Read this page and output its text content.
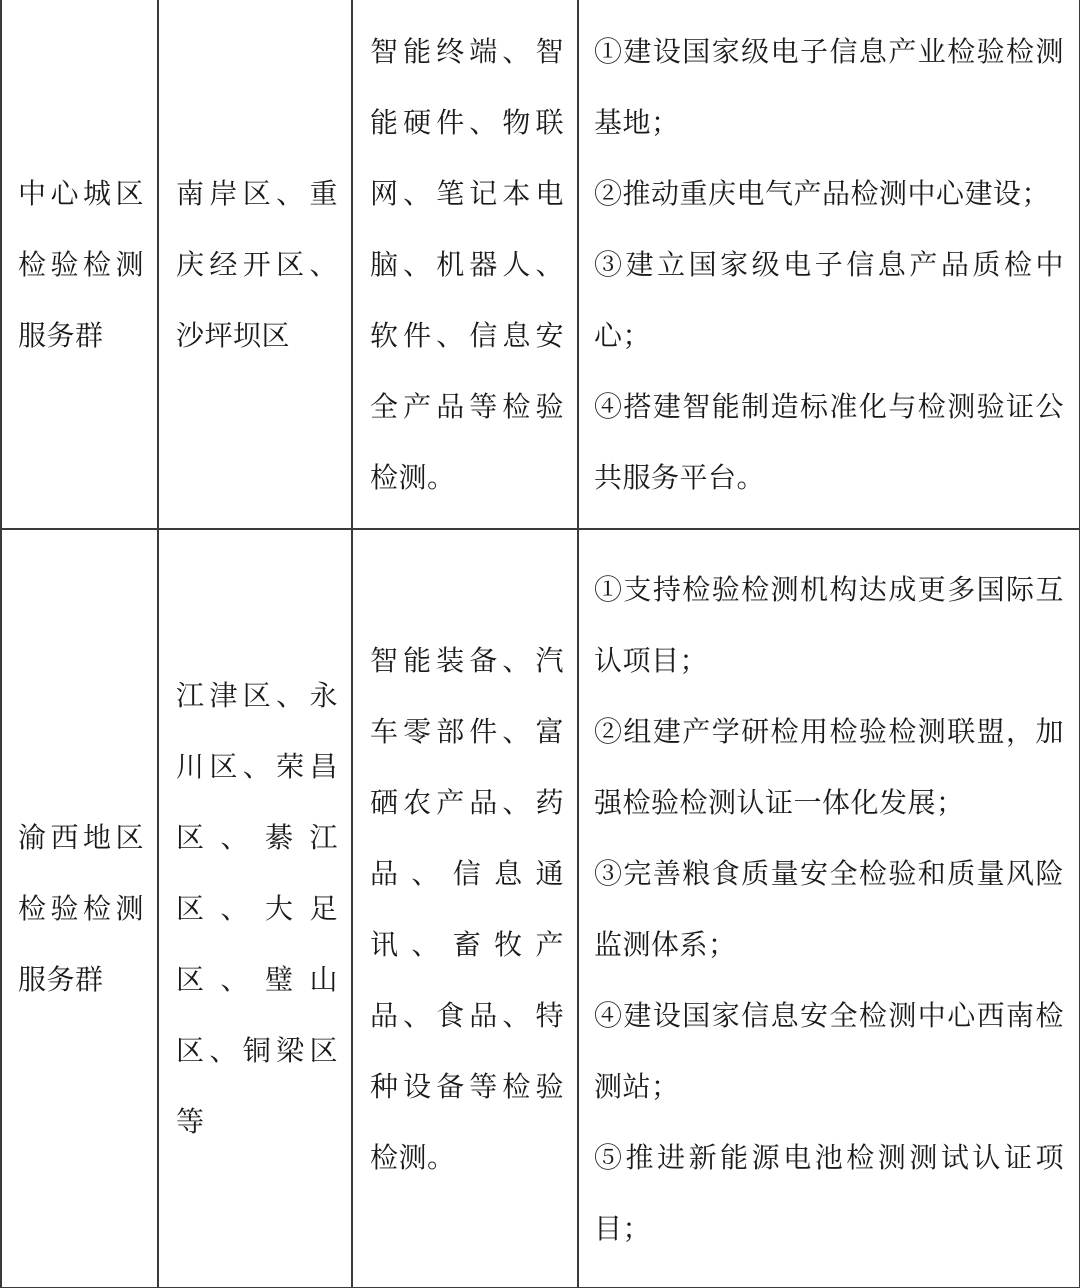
中心城区检验检测服务群
南岸区、重庆经开区、沙坪坝区
智能终端、智能硬件、物联网、笔记本电脑、机器人、软件、信息安全产品等检验检测。

①建设国家级电子信息产业检验检测基地；

②推动重庆电气产品检测中心建设；

③建立国家级电子信息产品质检中心；

④搭建智能制造标准化与检测验证公共服务平台。

渝西地区检验检测服务群
江津区、永川区、荣昌区、綦江区、大足区、璧山区、铜梁区等
智能装备、汽车零部件、富硒农产品、药品、信息通讯、畜牧产品、食品、特种设备等检验检测。

①支持检验检测机构达成更多国际互认项目；

②组建产学研检用检验检测联盟，加强检验检测认证一体化发展；

③完善粮食质量安全检验和质量风险监测体系；

④建设国家信息安全检测中心西南检测站；

⑤推进新能源电池检测测试认证项目；
